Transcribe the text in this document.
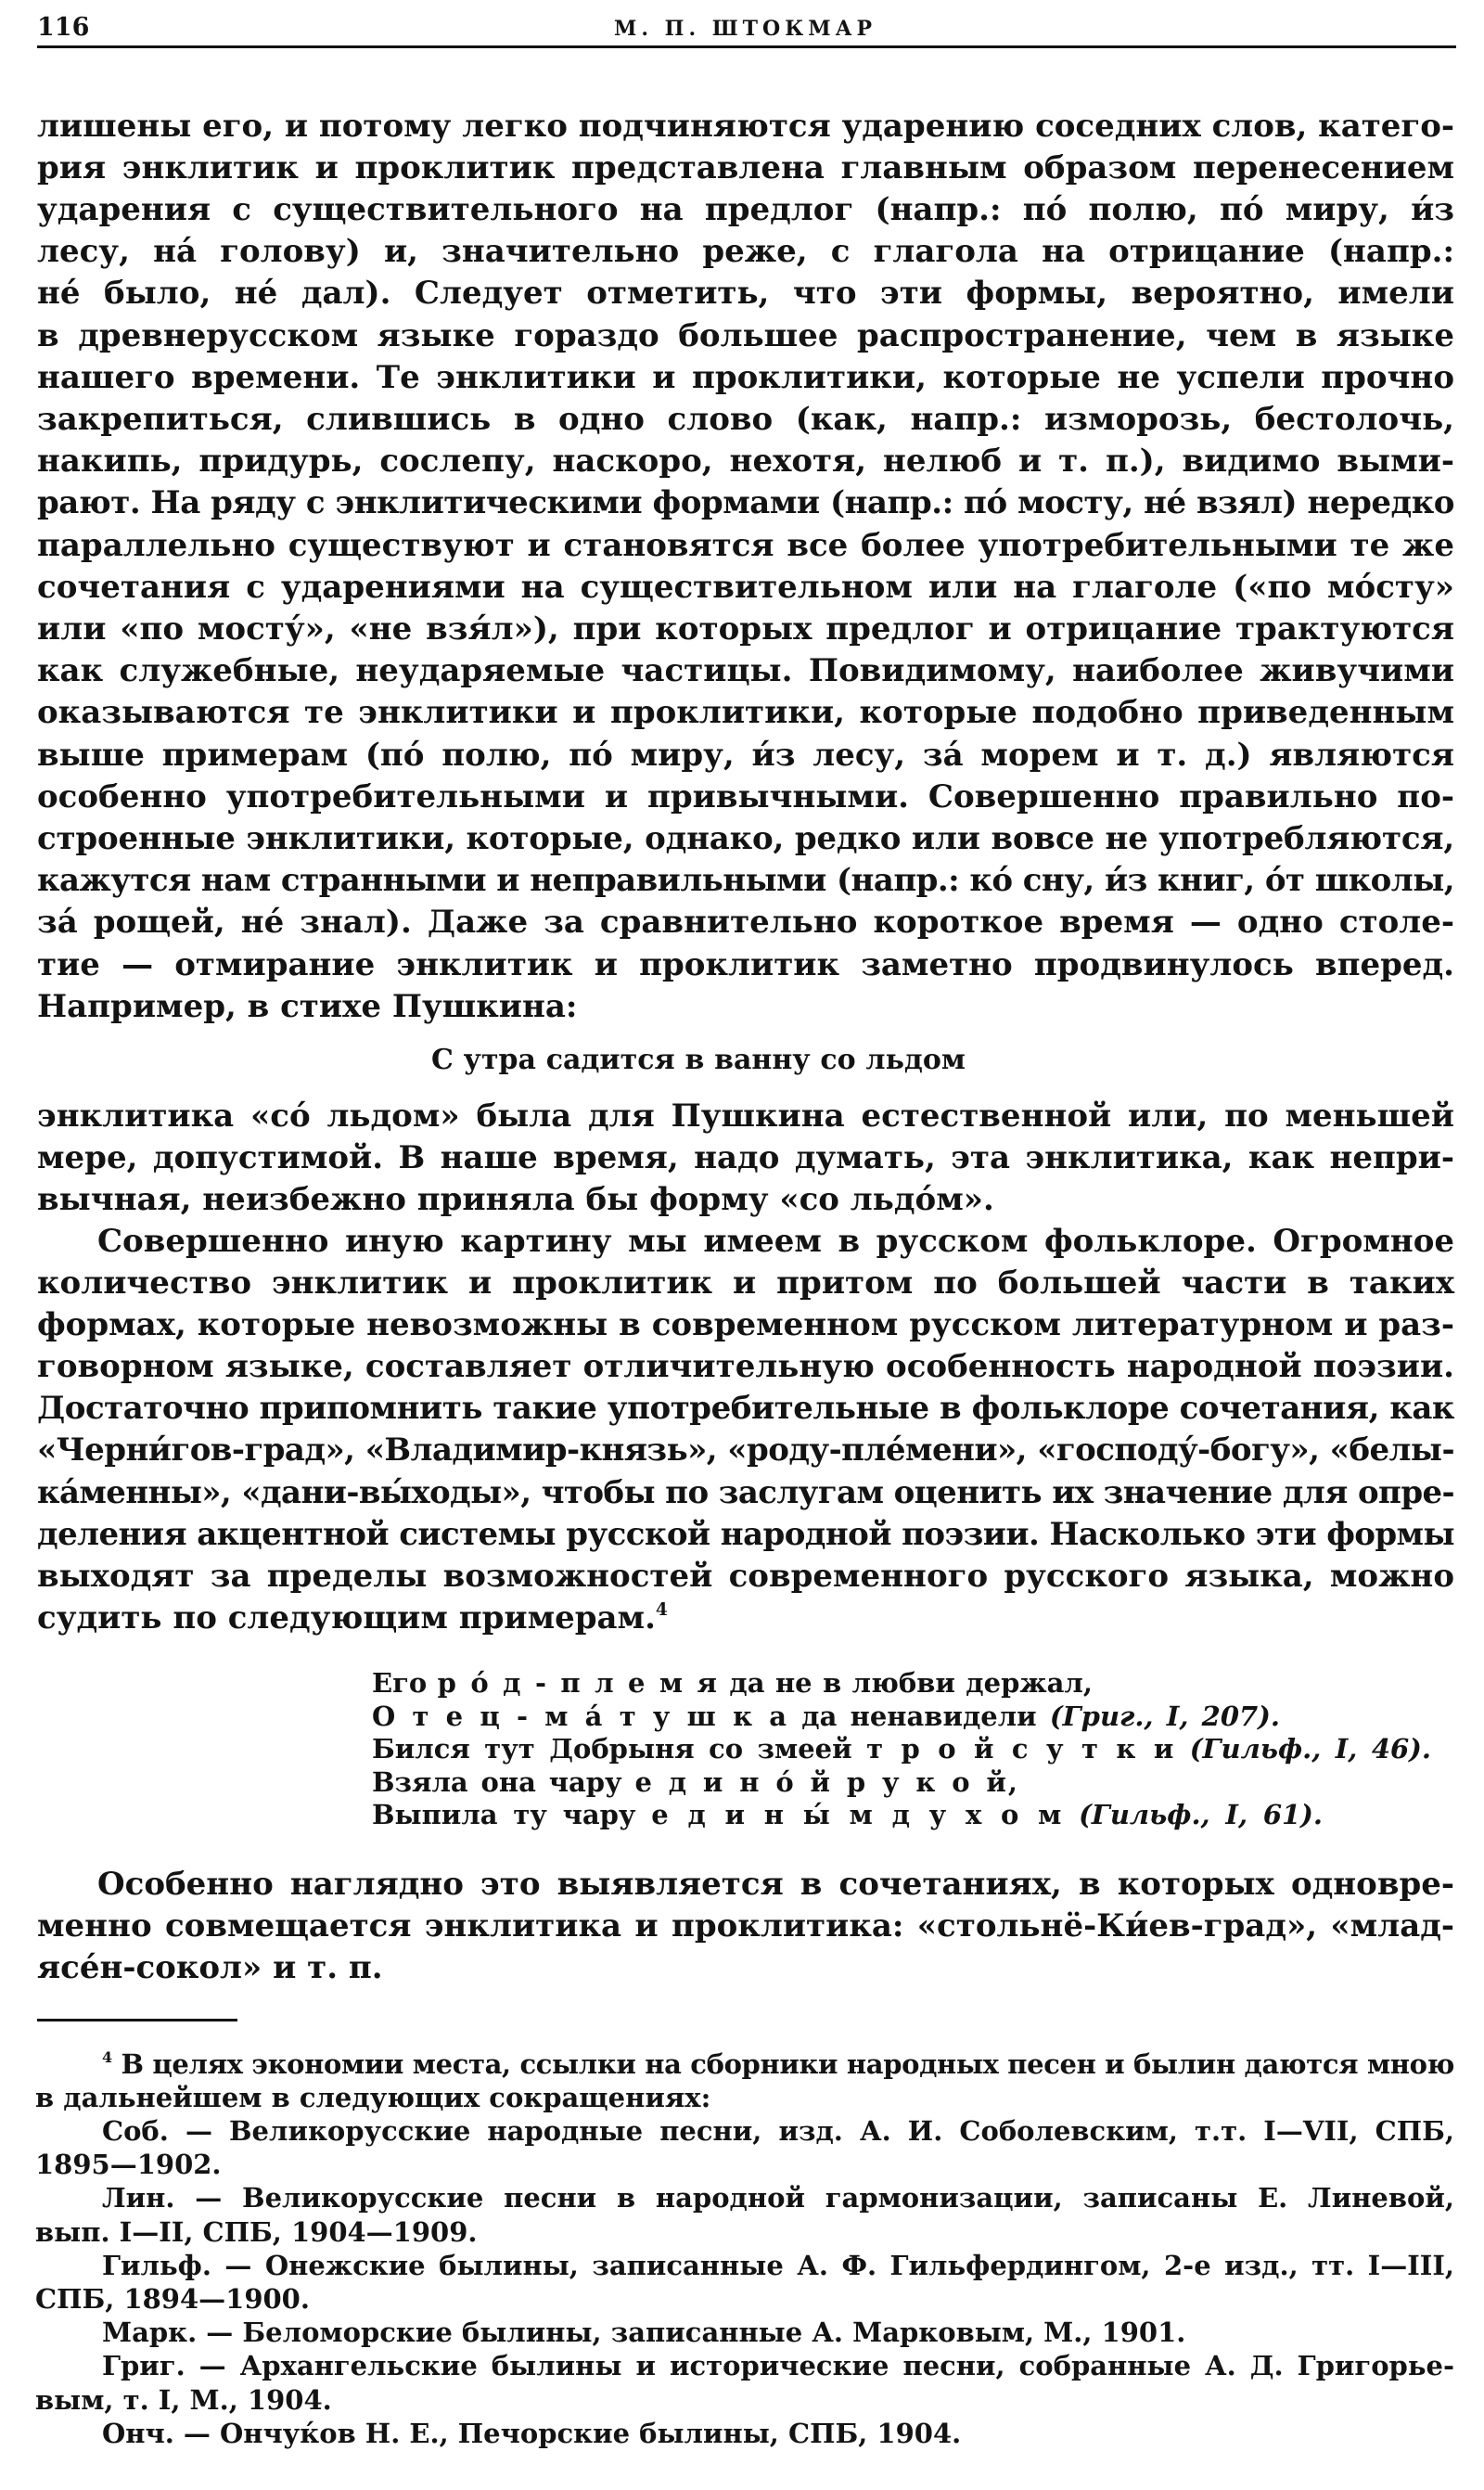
116	М. П. ШТОКМАР
лишены его, и потому легко подчиняются ударению соседних слов, катего-
рия энклитик и проклитик представлена главным образом перенесением
ударения с существительного на предлог (напр.: по́ полю, по́ миру, и́з
лесу, на́ голову) и, значительно реже, с глагола на отрицание (напр.:
не́ было, не́ дал). Следует отметить, что эти формы, вероятно, имели
в древнерусском языке гораздо большее распространение, чем в языке
нашего времени. Те энклитики и проклитики, которые не успели прочно
закрепиться, слившись в одно слово (как, напр.: изморозь, бестолочь,
накипь, придурь, сослепу, наскоро, нехотя, нелюб и т. п.), видимо выми-
рают. На ряду с энклитическими формами (напр.: по́ мосту, не́ взял) нередко
параллельно существуют и становятся все более употребительными те же
сочетания с ударениями на существительном или на глаголе («по мо́сту»
или «по мосту́», «не взя́л»), при которых предлог и отрицание трактуются
как служебные, неударяемые частицы. Повидимому, наиболее живучими
оказываются те энклитики и проклитики, которые подобно приведенным
выше примерам (по́ полю, по́ миру, и́з лесу, за́ морем и т. д.) являются
особенно употребительными и привычными. Совершенно правильно по-
строенные энклитики, которые, однако, редко или вовсе не употребляются,
кажутся нам странными и неправильными (напр.: ко́ сну, и́з книг, о́т школы,
за́ рощей, не́ знал). Даже за сравнительно короткое время — одно столе-
тие — отмирание энклитик и проклитик заметно продвинулось вперед.
Например, в стихе Пушкина:
С утра садится в ванну со льдом
энклитика «со́ льдом» была для Пушкина естественной или, по меньшей
мере, допустимой. В наше время, надо думать, эта энклитика, как непри-
вычная, неизбежно приняла бы форму «со льдо́м».
Совершенно иную картину мы имеем в русском фольклоре. Огромное
количество энклитик и проклитик и притом по большей части в таких
формах, которые невозможны в современном русском литературном и раз-
говорном языке, составляет отличительную особенность народной поэзии.
Достаточно припомнить такие употребительные в фольклоре сочетания, как
«Черни́гов-град», «Владимир-князь», «роду-пле́мени», «господу́-богу», «белы-
ка́менны», «дани-вы́ходы», чтобы по заслугам оценить их значение для опре-
деления акцентной системы русской народной поэзии. Насколько эти формы
выходят за пределы возможностей современного русского языка, можно
судить по следующим примерам.$^4$
Его р о́ д - п л е м я да не в любви держал,
О т е ц - м а́ т у ш к а да ненавидели (Григ., I, 207).
Бился тут Добрыня со змеей т р о й с у т к и (Гильф., I, 46).
Взяла она чару е д и н о́ й р у к о й,
Выпила ту чару е д и н ы́ м д у х о м (Гильф., I, 61).
Особенно наглядно это выявляется в сочетаниях, в которых одновре-
менно совмещается энклитика и проклитика: «стольнё-Ки́ев-град», «млад-
ясе́н-сокол» и т. п.
$^4$ В целях экономии места, ссылки на сборники народных песен и былин даются мною
в дальнейшем в следующих сокращениях:
Соб. — Великорусские народные песни, изд. А. И. Соболевским, т.т. I—VII, СПБ,
1895—1902.
Лин. — Великорусские песни в народной гармонизации, записаны Е. Линевой,
вып. I—II, СПБ, 1904—1909.
Гильф. — Онежские былины, записанные А. Ф. Гильфердингом, 2-е изд., тт. I—III,
СПБ, 1894—1900.
Марк. — Беломорские былины, записанные А. Марковым, М., 1901.
Григ. — Архангельские былины и исторические песни, собранные А. Д. Григорье-
вым, т. I, М., 1904.
Онч. — Ончуќов Н. Е., Печорские былины, СПБ, 1904.
